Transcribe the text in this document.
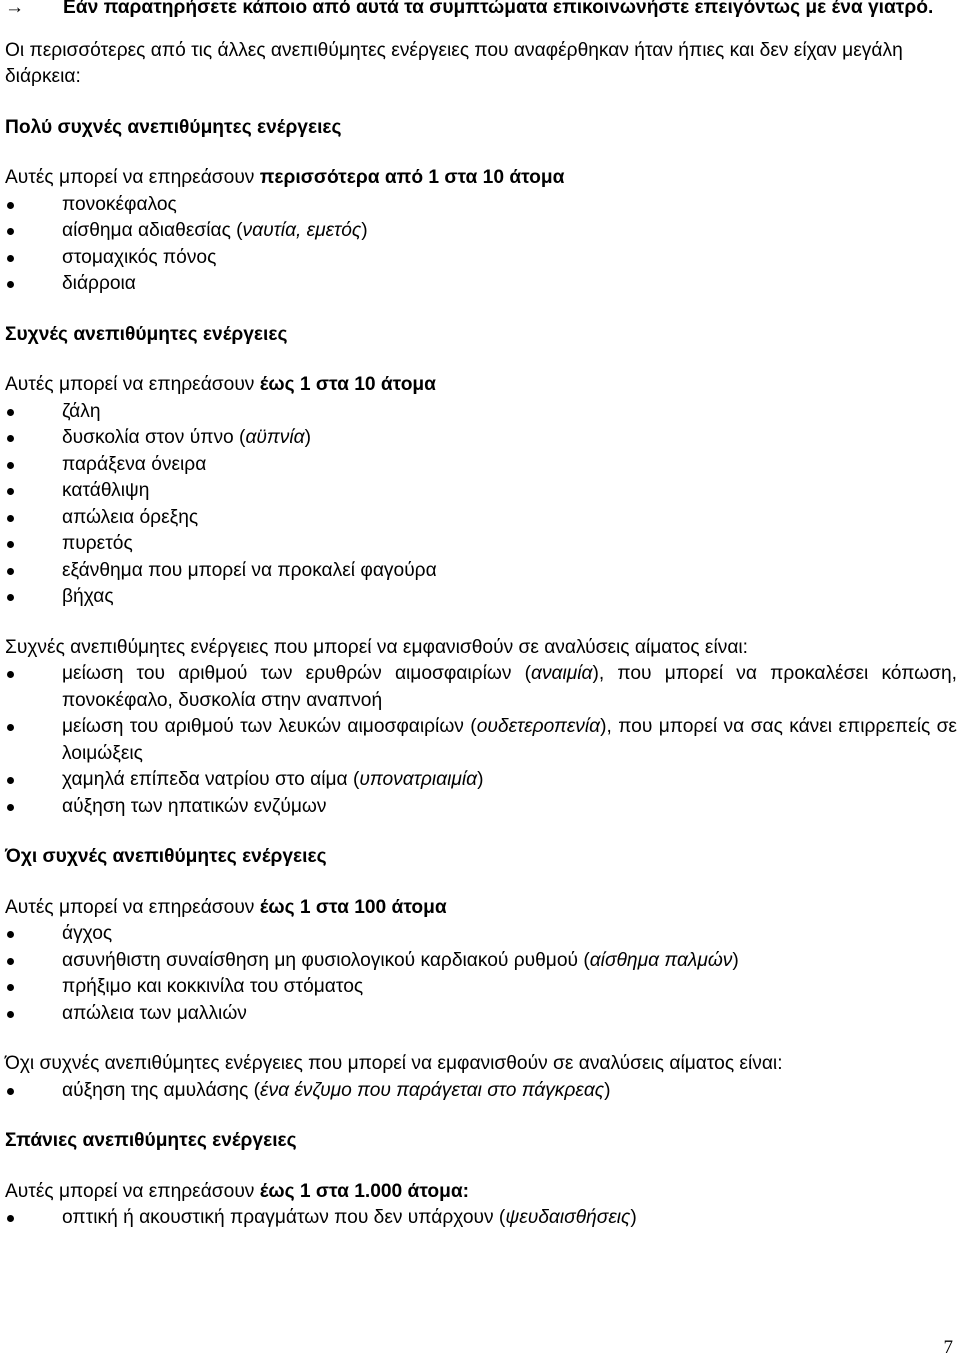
→ Εάν παρατηρήσετε κάποιο από αυτά τα συμπτώματα επικοινωνήστε επειγόντως με ένα γιατρό.

Οι περισσότερες από τις άλλες ανεπιθύμητες ενέργειες που αναφέρθηκαν ήταν ήπιες και δεν είχαν μεγάλη διάρκεια:

Πολύ συχνές ανεπιθύμητες ενέργειες

Αυτές μπορεί να επηρεάσουν περισσότερα από 1 στα 10 άτομα

πονοκέφαλος
αίσθημα αδιαθεσίας (ναυτία, εμετός)
στομαχικός πόνος
διάρροια

Συχνές ανεπιθύμητες ενέργειες

Αυτές μπορεί να επηρεάσουν έως 1 στα 10 άτομα

ζάλη
δυσκολία στον ύπνο (αϋπνία)
παράξενα όνειρα
κατάθλιψη
απώλεια όρεξης
πυρετός
εξάνθημα που μπορεί να προκαλεί φαγούρα
βήχας

Συχνές ανεπιθύμητες ενέργειες που μπορεί να εμφανισθούν σε αναλύσεις αίματος είναι:

μείωση του αριθμού των ερυθρών αιμοσφαιρίων (αναιμία), που μπορεί να προκαλέσει κόπωση, πονοκέφαλο, δυσκολία στην αναπνοή
μείωση του αριθμού των λευκών αιμοσφαιρίων (ουδετεροπενία), που μπορεί να σας κάνει επιρρεπείς σε λοιμώξεις
χαμηλά επίπεδα νατρίου στο αίμα (υπονατριαιμία)
αύξηση των ηπατικών ενζύμων

Όχι συχνές ανεπιθύμητες ενέργειες

Αυτές μπορεί να επηρεάσουν έως 1 στα 100 άτομα

άγχος
ασυνήθιστη συναίσθηση μη φυσιολογικού καρδιακού ρυθμού (αίσθημα παλμών)
πρήξιμο και κοκκινίλα του στόματος
απώλεια των μαλλιών

Όχι συχνές ανεπιθύμητες ενέργειες που μπορεί να εμφανισθούν σε αναλύσεις αίματος είναι:

αύξηση της αμυλάσης (ένα ένζυμο που παράγεται στο πάγκρεας)

Σπάνιες ανεπιθύμητες ενέργειες

Αυτές μπορεί να επηρεάσουν έως 1 στα 1.000 άτομα:

οπτική ή ακουστική πραγμάτων που δεν υπάρχουν (ψευδαισθήσεις)
7
